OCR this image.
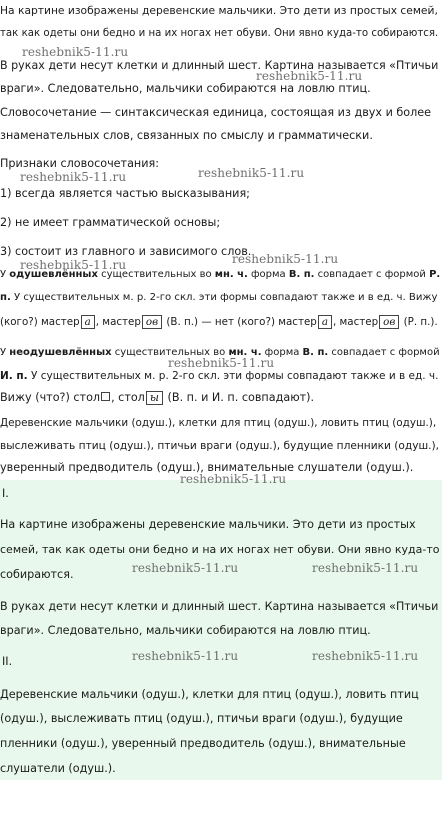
На картине изображены деревенские мальчики. Это дети из простых семей,
так как одеты они бедно и на их ногах нет обуви. Они явно куда-то собираются.
В руках дети несут клетки и длинный шест. Картина называется «Птичьи
враги». Следовательно, мальчики собираются на ловлю птиц.
Словосочетание — синтаксическая единица, состоящая из двух и более
знаменательных слов, связанных по смыслу и грамматически.
Признаки словосочетания:
1) всегда является частью высказывания;
2) не имеет грамматической основы;
3) состоит из главного и зависимого слов.
У одушевлённых существительных во мн. ч. форма В. п. совпадает с формой Р.
п. У существительных м. р. 2-го скл. эти формы совпадают также и в ед. ч. Вижу
(кого?) мастер а , мастер ов (В. п.) — нет (кого?) мастер а , мастер ов (Р. п.).
У неодушевлённых существительных во мн. ч. форма В. п. совпадает с формой
И. п. У существительных м. р. 2-го скл. эти формы совпадают также и в ед. ч.
Вижу (что?) стол , стол ы (В. п. и И. п. совпадают).
Деревенские мальчики (одуш.), клетки для птиц (одуш.), ловить птиц (одуш.),
выслеживать птиц (одуш.), птичьи враги (одуш.), будущие пленники (одуш.),
уверенный предводитель (одуш.), внимательные слушатели (одуш.).
I.
На картине изображены деревенские мальчики. Это дети из простых
семей, так как одеты они бедно и на их ногах нет обуви. Они явно куда-то
собираются.
В руках дети несут клетки и длинный шест. Картина называется «Птичьи
враги». Следовательно, мальчики собираются на ловлю птиц.
II.
Деревенские мальчики (одуш.), клетки для птиц (одуш.), ловить птиц
(одуш.), выслеживать птиц (одуш.), птичьи враги (одуш.), будущие
пленники (одуш.), уверенный предводитель (одуш.), внимательные
слушатели (одуш.).
reshebnik5-11.ru
reshebnik5-11.ru
reshebnik5-11.ru
reshebnik5-11.ru
reshebnik5-11.ru
reshebnik5-11.ru
reshebnik5-11.ru
reshebnik5-11.ru
reshebnik5-11.ru	reshebnik5-11.ru
reshebnik5-11.ru	reshebnik5-11.ru
